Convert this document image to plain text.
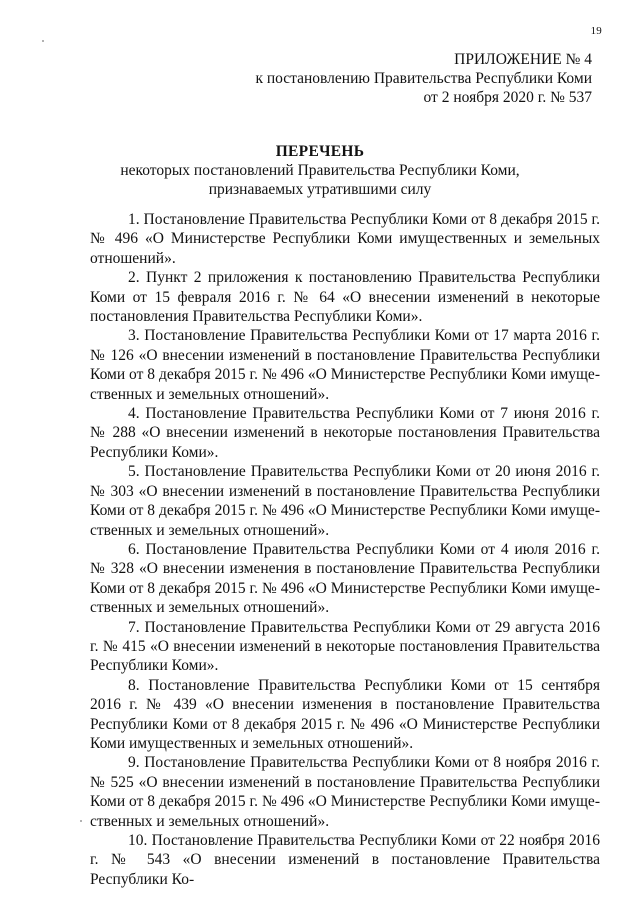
19
ПРИЛОЖЕНИЕ № 4
к постановлению Правительства Республики Коми
от 2 ноября 2020 г. № 537
ПЕРЕЧЕНЬ
некоторых постановлений Правительства Республики Коми,
признаваемых утратившими силу

1. Постановление Правительства Республики Коми от 8 декабря 2015 г. № 496 «О Министерстве Республики Коми имущественных и земельных отношений».

2. Пункт 2 приложения к постановлению Правительства Республики Коми от 15 февраля 2016 г. № 64 «О внесении изменений в некоторые постановления Правительства Республики Коми».

3. Постановление Правительства Республики Коми от 17 марта 2016 г. № 126 «О внесении изменений в постановление Правительства Республики Коми от 8 декабря 2015 г. № 496 «О Министерстве Республики Коми имущественных и земельных отношений».

4. Постановление Правительства Республики Коми от 7 июня 2016 г. № 288 «О внесении изменений в некоторые постановления Правительства Республики Коми».

5. Постановление Правительства Республики Коми от 20 июня 2016 г. № 303 «О внесении изменений в постановление Правительства Республики Коми от 8 декабря 2015 г. № 496 «О Министерстве Республики Коми имущественных и земельных отношений».

6. Постановление Правительства Республики Коми от 4 июля 2016 г. № 328 «О внесении изменения в постановление Правительства Республики Коми от 8 декабря 2015 г. № 496 «О Министерстве Республики Коми имущественных и земельных отношений».

7. Постановление Правительства Республики Коми от 29 августа 2016 г. № 415 «О внесении изменений в некоторые постановления Правительства Республики Коми».

8. Постановление Правительства Республики Коми от 15 сентября 2016 г. № 439 «О внесении изменения в постановление Правительства Республики Коми от 8 декабря 2015 г. № 496 «О Министерстве Республики Коми имущественных и земельных отношений».

9. Постановление Правительства Республики Коми от 8 ноября 2016 г. № 525 «О внесении изменений в постановление Правительства Республики Коми от 8 декабря 2015 г. № 496 «О Министерстве Республики Коми имущественных и земельных отношений».

10. Постановление Правительства Республики Коми от 22 ноября 2016 г. № 543 «О внесении изменений в постановление Правительства Республики Ко-
